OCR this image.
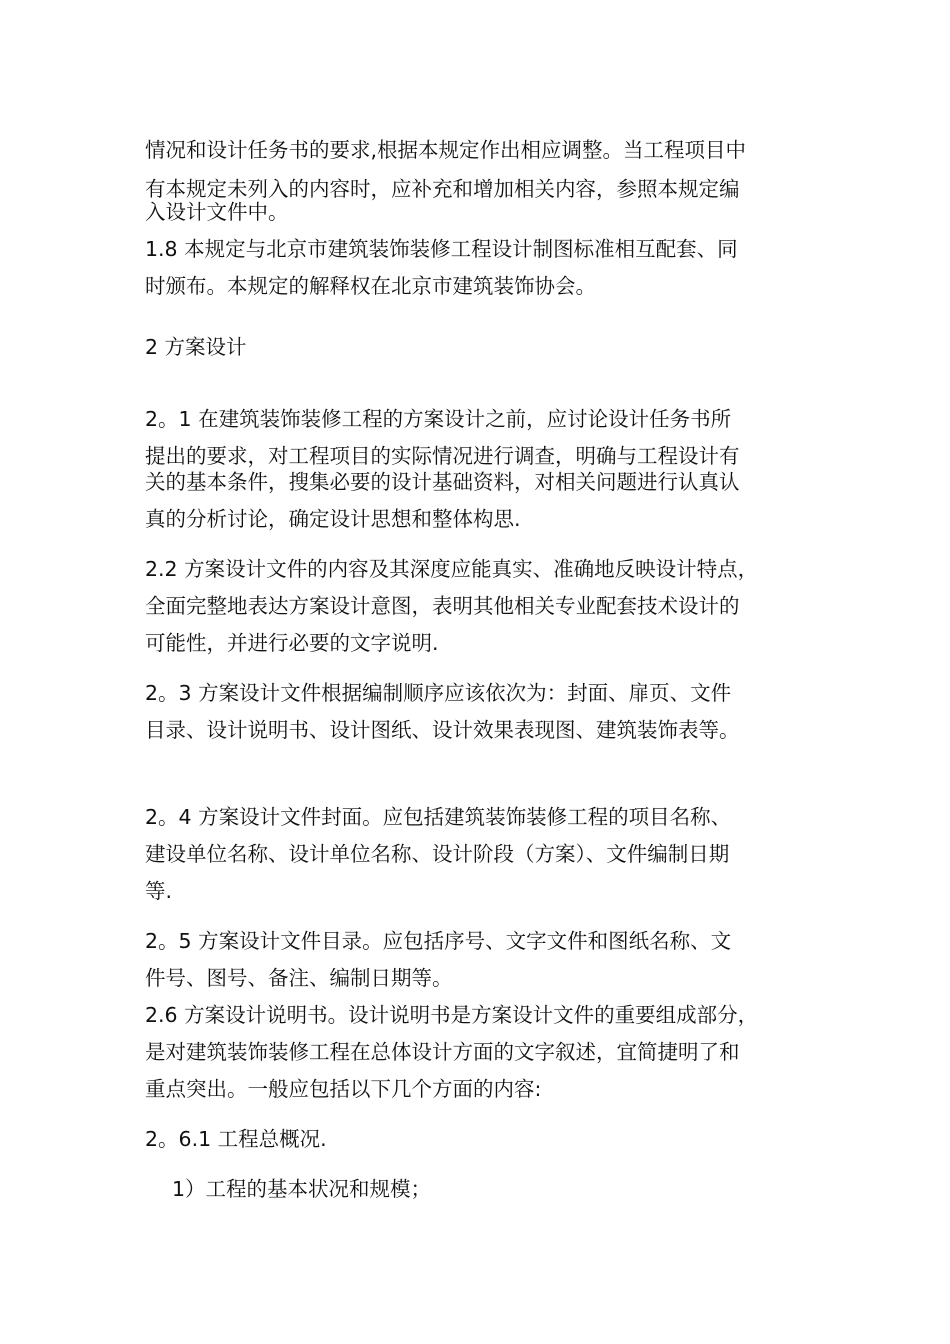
情况和设计任务书的要求,根据本规定作出相应调整。当工程项目中
有本规定未列入的内容时，应补充和增加相关内容，参照本规定编
入设计文件中。
1.8 本规定与北京市建筑装饰装修工程设计制图标准相互配套、同
时颁布。本规定的解释权在北京市建筑装饰协会。
2 方案设计
2。1 在建筑装饰装修工程的方案设计之前，应讨论设计任务书所
提出的要求，对工程项目的实际情况进行调查，明确与工程设计有
关的基本条件，搜集必要的设计基础资料，对相关问题进行认真认
真的分析讨论，确定设计思想和整体构思.
2.2 方案设计文件的内容及其深度应能真实、准确地反映设计特点，
全面完整地表达方案设计意图，表明其他相关专业配套技术设计的
可能性，并进行必要的文字说明.
2。3 方案设计文件根据编制顺序应该依次为：封面、扉页、文件
目录、设计说明书、设计图纸、设计效果表现图、建筑装饰表等。
2。4 方案设计文件封面。应包括建筑装饰装修工程的项目名称、
建设单位名称、设计单位名称、设计阶段（方案）、文件编制日期
等.
2。5 方案设计文件目录。应包括序号、文字文件和图纸名称、文
件号、图号、备注、编制日期等。
2.6 方案设计说明书。设计说明书是方案设计文件的重要组成部分，
是对建筑装饰装修工程在总体设计方面的文字叙述，宜简捷明了和
重点突出。一般应包括以下几个方面的内容:
2。6.1 工程总概况.
1）工程的基本状况和规模；
